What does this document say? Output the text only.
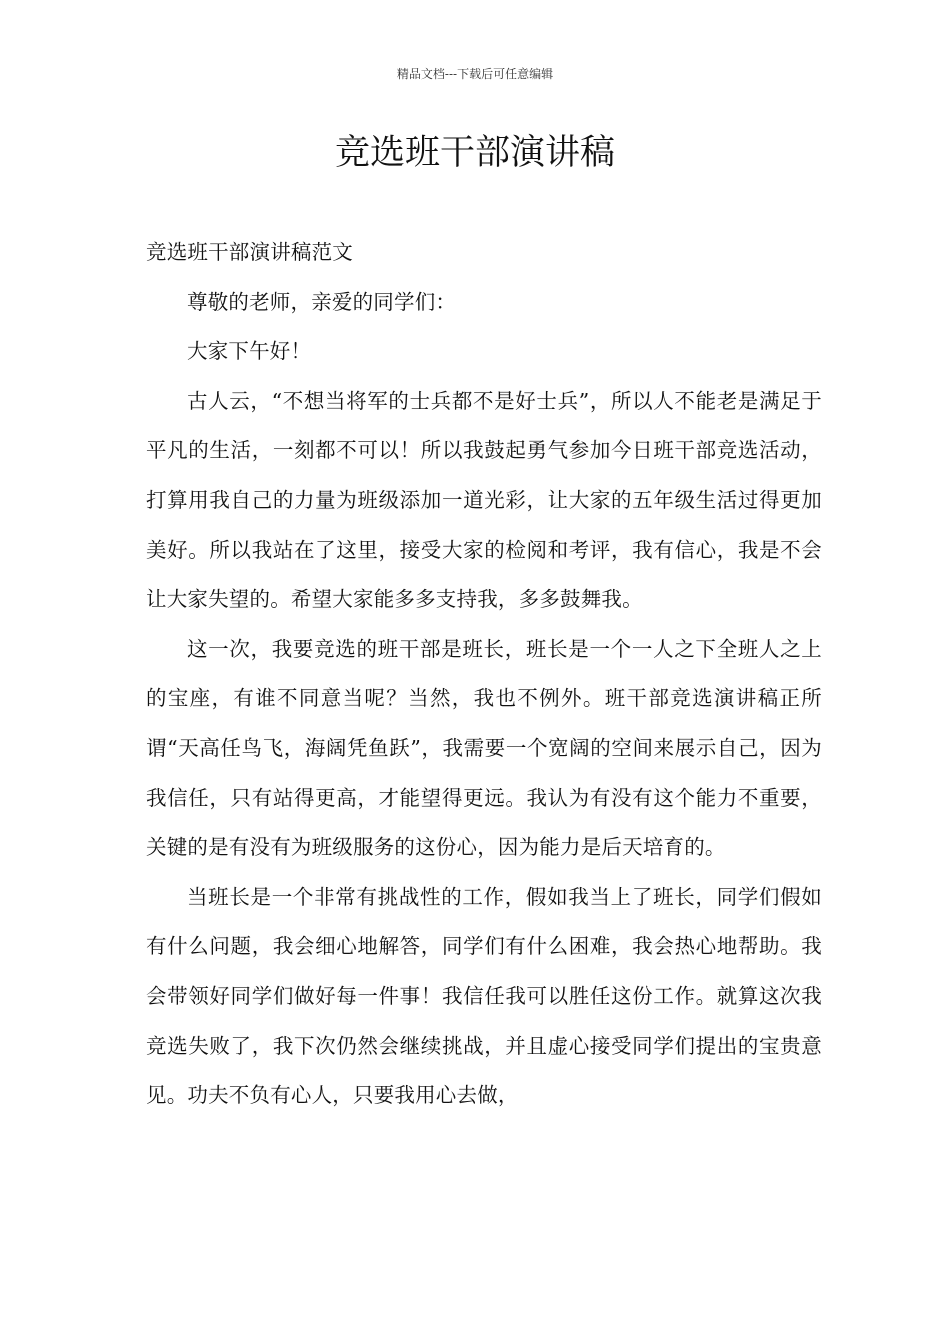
精品文档---下载后可任意编辑
竞选班干部演讲稿

竞选班干部演讲稿范文

尊敬的老师，亲爱的同学们：

大家下午好！

古人云，“不想当将军的士兵都不是好士兵”，所以人不能老是满足于平凡的生活，一刻都不可以！所以我鼓起勇气参加今日班干部竞选活动，打算用我自己的力量为班级添加一道光彩，让大家的五年级生活过得更加美好。所以我站在了这里，接受大家的检阅和考评，我有信心，我是不会让大家失望的。希望大家能多多支持我，多多鼓舞我。

这一次，我要竞选的班干部是班长，班长是一个一人之下全班人之上的宝座，有谁不同意当呢？当然，我也不例外。班干部竞选演讲稿正所谓“天高任鸟飞，海阔凭鱼跃”，我需要一个宽阔的空间来展示自己，因为我信任，只有站得更高，才能望得更远。我认为有没有这个能力不重要，关键的是有没有为班级服务的这份心，因为能力是后天培育的。

当班长是一个非常有挑战性的工作，假如我当上了班长，同学们假如有什么问题，我会细心地解答，同学们有什么困难，我会热心地帮助。我会带领好同学们做好每一件事！我信任我可以胜任这份工作。就算这次我竞选失败了，我下次仍然会继续挑战，并且虚心接受同学们提出的宝贵意见。功夫不负有心人，只要我用心去做，
